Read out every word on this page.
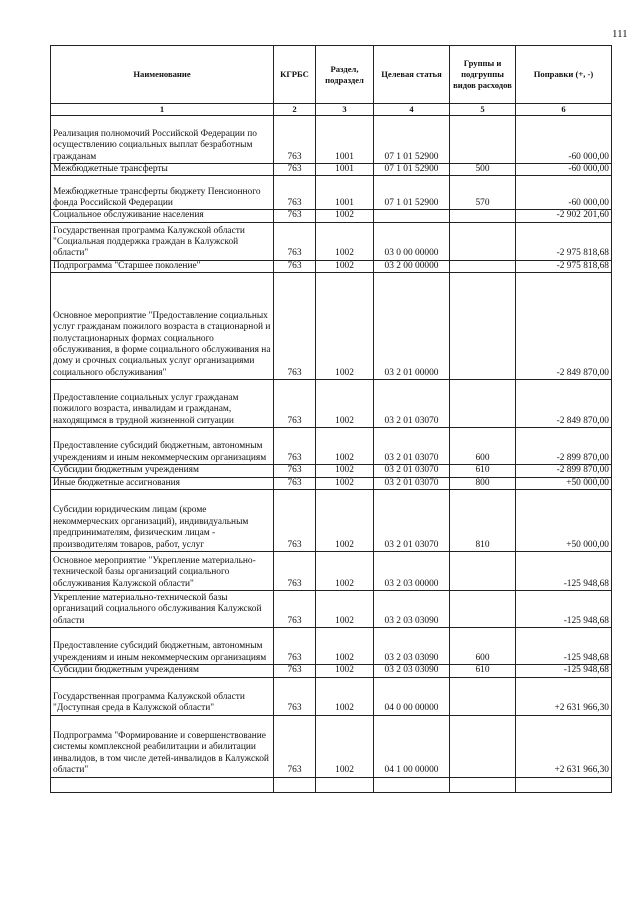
111
Наименование	КГРБС	Раздел, подраздел	Целевая статья	Группы и подгруппы видов расходов	Поправки (+, -)
1	2	3	4	5	6
Реализация полномочий Российской Федерации по осуществлению социальных выплат безработным гражданам	763	1001	07 1 01 52900		-60 000,00
Межбюджетные трансферты	763	1001	07 1 01 52900	500	-60 000,00
Межбюджетные трансферты бюджету Пенсионного фонда Российской Федерации	763	1001	07 1 01 52900	570	-60 000,00
Социальное обслуживание населения	763	1002			-2 902 201,60
Государственная программа Калужской области "Социальная поддержка граждан в Калужской области"	763	1002	03 0 00 00000		-2 975 818,68
Подпрограмма "Старшее поколение"	763	1002	03 2 00 00000		-2 975 818,68
Основное мероприятие "Предоставление социальных услуг гражданам пожилого возраста в стационарной и полустационарных формах социального обслуживания, в форме социального обслуживания на дому и срочных социальных услуг организациями социального обслуживания"	763	1002	03 2 01 00000		-2 849 870,00
Предоставление социальных услуг гражданам пожилого возраста, инвалидам и гражданам, находящимся в трудной жизненной ситуации	763	1002	03 2 01 03070		-2 849 870,00
Предоставление субсидий бюджетным, автономным учреждениям и иным некоммерческим организациям	763	1002	03 2 01 03070	600	-2 899 870,00
Субсидии бюджетным учреждениям	763	1002	03 2 01 03070	610	-2 899 870,00
Иные бюджетные ассигнования	763	1002	03 2 01 03070	800	+50 000,00
Субсидии юридическим лицам (кроме некоммерческих организаций), индивидуальным предпринимателям, физическим лицам - производителям товаров, работ, услуг	763	1002	03 2 01 03070	810	+50 000,00
Основное мероприятие "Укрепление материально-технической базы организаций социального обслуживания Калужской области"	763	1002	03 2 03 00000		-125 948,68
Укрепление материально-технической базы организаций социального обслуживания Калужской области	763	1002	03 2 03 03090		-125 948,68
Предоставление субсидий бюджетным, автономным учреждениям и иным некоммерческим организациям	763	1002	03 2 03 03090	600	-125 948,68
Субсидии бюджетным учреждениям	763	1002	03 2 03 03090	610	-125 948,68
Государственная программа Калужской области "Доступная среда в Калужской области"	763	1002	04 0 00 00000		+2 631 966,30
Подпрограмма "Формирование и совершенствование системы комплексной реабилитации и абилитации инвалидов, в том числе детей-инвалидов в Калужской области"	763	1002	04 1 00 00000		+2 631 966,30
